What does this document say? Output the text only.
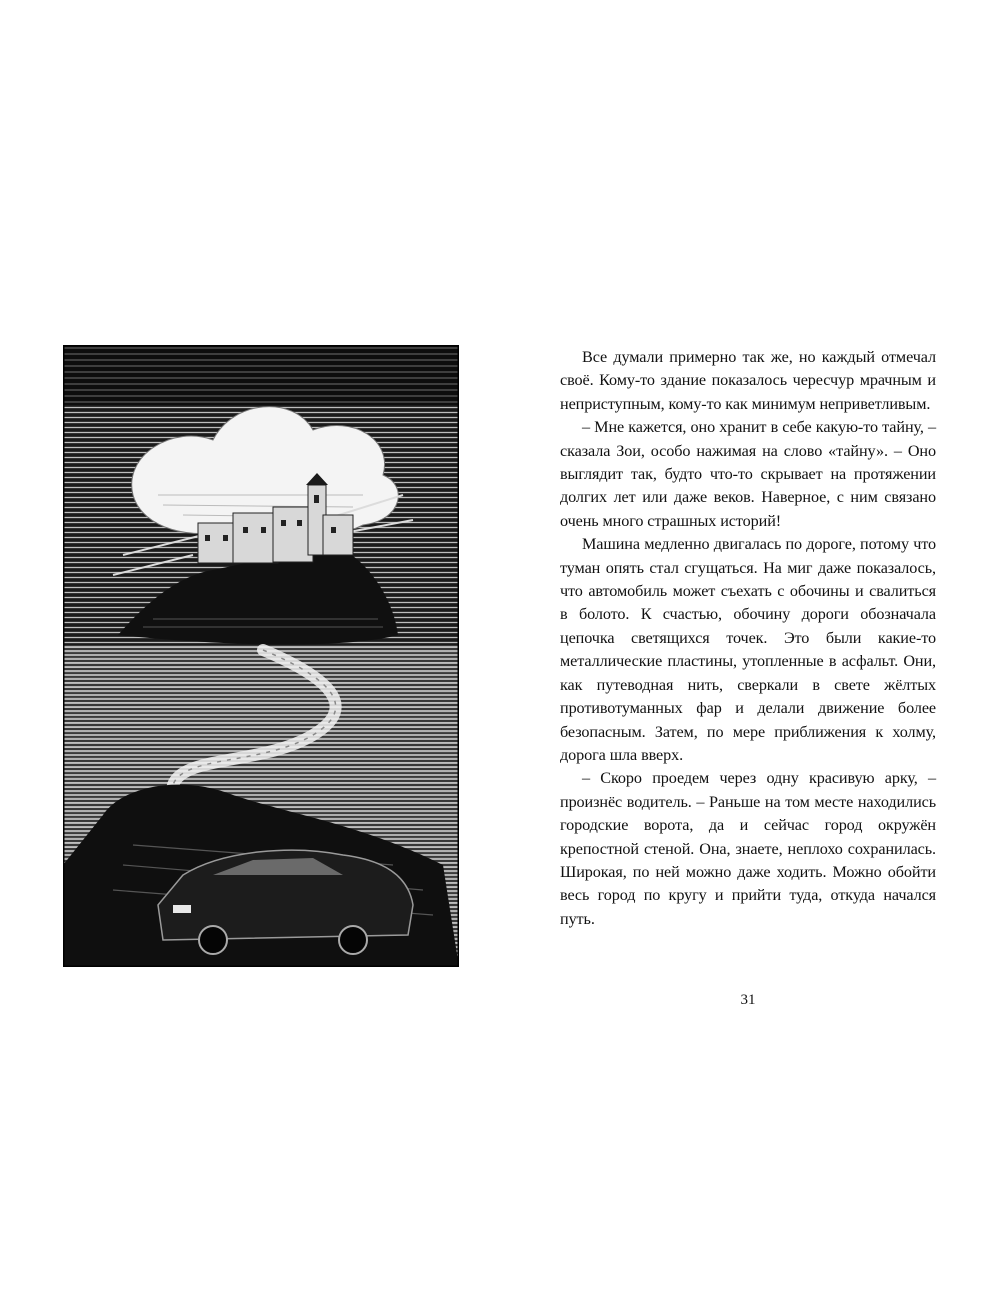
Все думали примерно так же, но каждый отмечал своё. Кому-то здание показалось чересчур мрачным и неприступным, кому-то как минимум неприветливым.

– Мне кажется, оно хранит в себе какую-то тайну, – сказала Зои, особо нажимая на слово «тайну». – Оно выглядит так, будто что-то скрывает на протяжении долгих лет или даже веков. Наверное, с ним связано очень много страшных историй!

Машина медленно двигалась по дороге, потому что туман опять стал сгущаться. На миг даже показалось, что автомобиль может съехать с обочины и свалиться в болото. К счастью, обочину дороги обозначала цепочка светящихся точек. Это были какие-то металлические пластины, утопленные в асфальт. Они, как путеводная нить, сверкали в свете жёлтых противотуманных фар и делали движение более безопасным. Затем, по мере приближения к холму, дорога шла вверх.

– Скоро проедем через одну красивую арку, – произнёс водитель. – Раньше на том месте находились городские ворота, да и сейчас город окружён крепостной стеной. Она, знаете, неплохо сохранилась. Широкая, по ней можно даже ходить. Можно обойти весь город по кругу и прийти туда, откуда начался путь.

31
